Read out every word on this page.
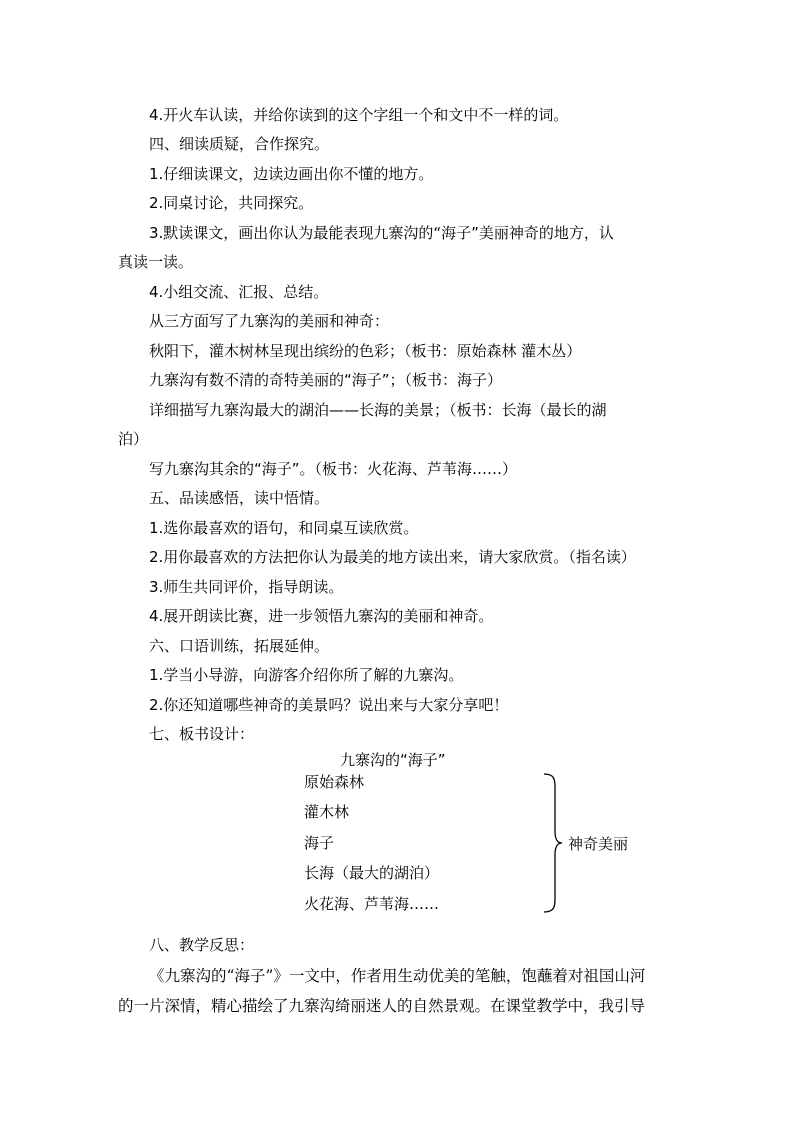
4.开火车认读，并给你读到的这个字组一个和文中不一样的词。
四、细读质疑，合作探究。
1.仔细读课文，边读边画出你不懂的地方。
2.同桌讨论，共同探究。
3.默读课文，画出你认为最能表现九寨沟的“海子”美丽神奇的地方，认
真读一读。
4.小组交流、汇报、总结。
从三方面写了九寨沟的美丽和神奇：
秋阳下，灌木树林呈现出缤纷的色彩；（板书：原始森林 灌木丛）
九寨沟有数不清的奇特美丽的“海子”；（板书：海子）
详细描写九寨沟最大的湖泊——长海的美景；（板书：长海（最长的湖
泊）
写九寨沟其余的“海子”。（板书：火花海、芦苇海……）
五、品读感悟，读中悟情。
1.选你最喜欢的语句，和同桌互读欣赏。
2.用你最喜欢的方法把你认为最美的地方读出来，请大家欣赏。（指名读）
3.师生共同评价，指导朗读。
4.展开朗读比赛，进一步领悟九寨沟的美丽和神奇。
六、口语训练，拓展延伸。
1.学当小导游，向游客介绍你所了解的九寨沟。
2.你还知道哪些神奇的美景吗？说出来与大家分享吧！
七、板书设计：
九寨沟的“海子”
原始森林
灌木林
海子
长海（最大的湖泊）
火花海、芦苇海……
神奇美丽
八、教学反思：
《九寨沟的“海子”》一文中，作者用生动优美的笔触，饱蘸着对祖国山河
的一片深情，精心描绘了九寨沟绮丽迷人的自然景观。在课堂教学中，我引导
